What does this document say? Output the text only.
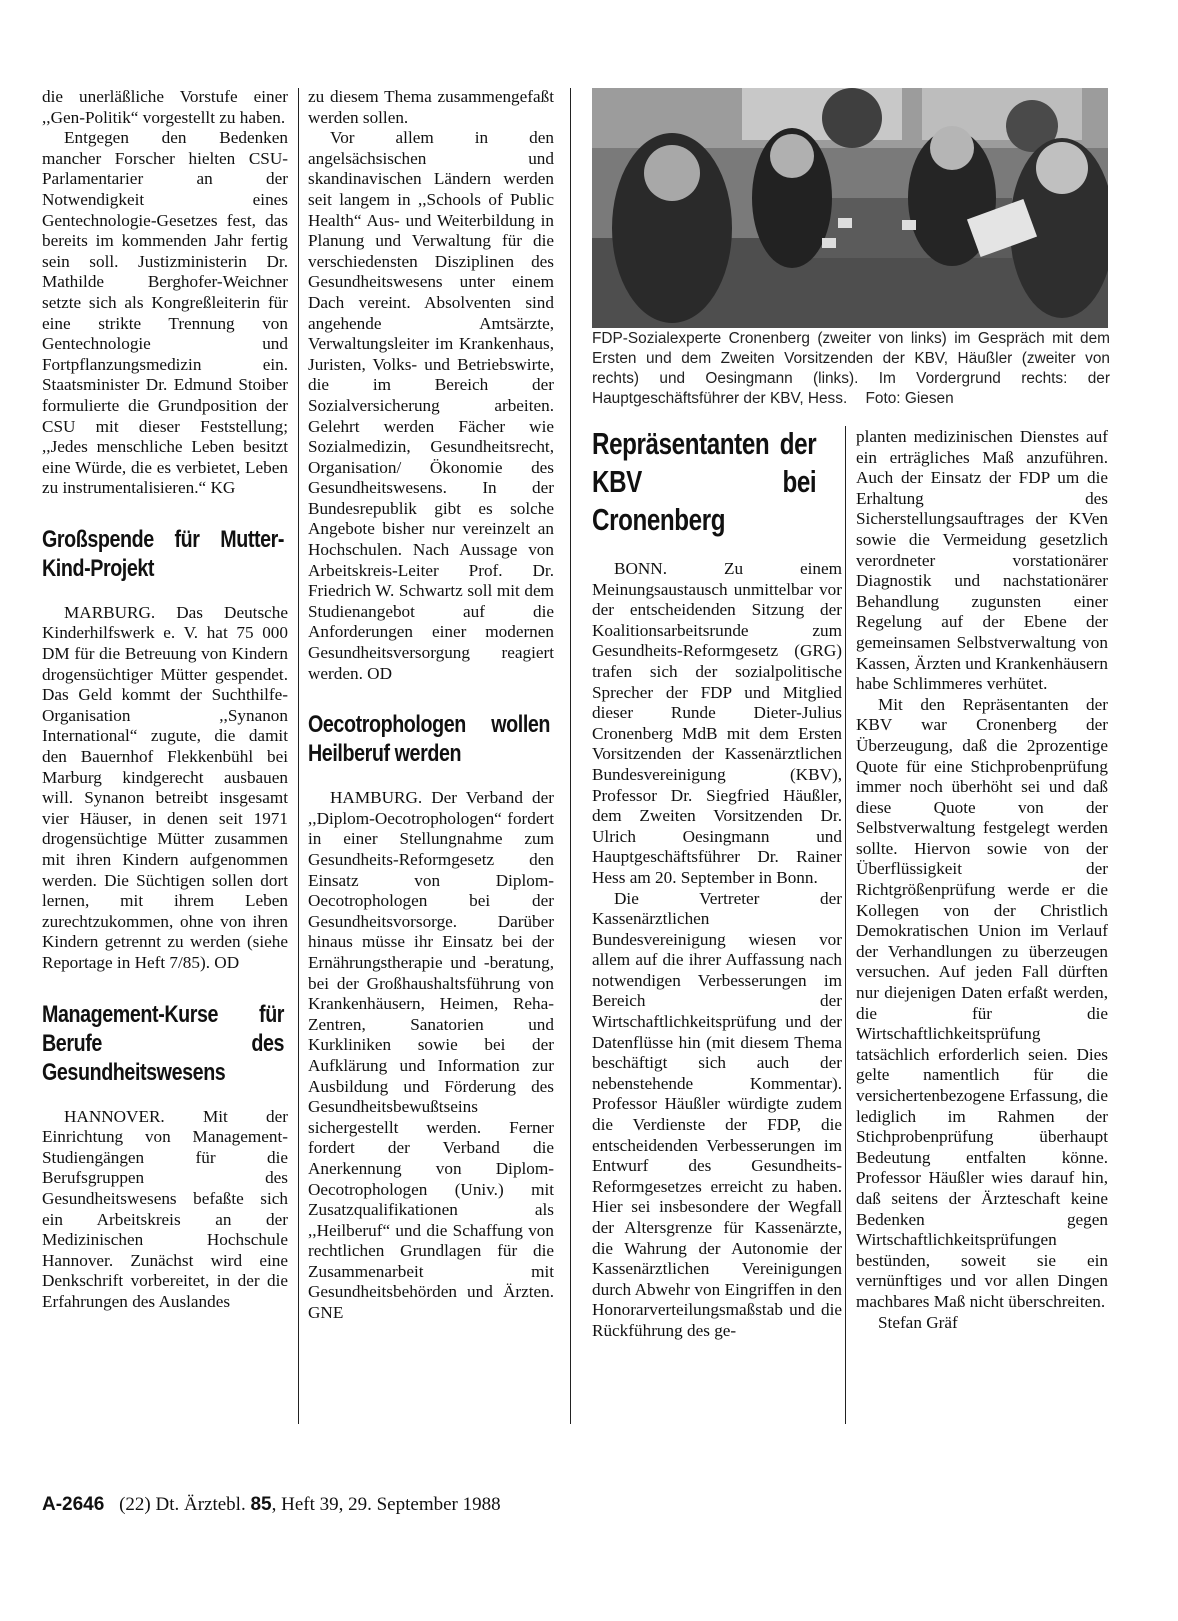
die unerläßliche Vorstufe einer ,,Gen-Politik“ vorgestellt zu haben.

Entgegen den Bedenken mancher Forscher hielten CSU-Parlamentarier an der Notwendigkeit eines Gentechnologie-Gesetzes fest, das bereits im kommenden Jahr fertig sein soll. Justizministerin Dr. Mathilde Berghofer-Weichner setzte sich als Kongreßleiterin für eine strikte Trennung von Gentechnologie und Fortpflanzungsmedizin ein. Staatsminister Dr. Edmund Stoiber formulierte die Grundposition der CSU mit dieser Feststellung; ,,Jedes menschliche Leben besitzt eine Würde, die es verbietet, Leben zu instrumentalisieren.“ KG

Großspende für Mutter-Kind-Projekt

MARBURG. Das Deutsche Kinderhilfswerk e. V. hat 75 000 DM für die Betreuung von Kindern drogensüchtiger Mütter gespendet. Das Geld kommt der Suchthilfe-Organisation ,,Synanon International“ zugute, die damit den Bauernhof Flekkenbühl bei Marburg kindgerecht ausbauen will. Synanon betreibt insgesamt vier Häuser, in denen seit 1971 drogensüchtige Mütter zusammen mit ihren Kindern aufgenommen werden. Die Süchtigen sollen dort lernen, mit ihrem Leben zurechtzukommen, ohne von ihren Kindern getrennt zu werden (siehe Reportage in Heft 7/85). OD

Management-Kurse für Berufe des Gesundheitswesens

HANNOVER. Mit der Einrichtung von Management-Studiengängen für die Berufsgruppen des Gesundheitswesens befaßte sich ein Arbeitskreis an der Medizinischen Hochschule Hannover. Zunächst wird eine Denkschrift vorbereitet, in der die Erfahrungen des Auslandes

zu diesem Thema zusammengefaßt werden sollen.

Vor allem in den angelsächsischen und skandinavischen Ländern werden seit langem in ,,Schools of Public Health“ Aus- und Weiterbildung in Planung und Verwaltung für die verschiedensten Disziplinen des Gesundheitswesens unter einem Dach vereint. Absolventen sind angehende Amtsärzte, Verwaltungsleiter im Krankenhaus, Juristen, Volks- und Betriebswirte, die im Bereich der Sozialversicherung arbeiten. Gelehrt werden Fächer wie Sozialmedizin, Gesundheitsrecht, Organisation/ Ökonomie des Gesundheitswesens. In der Bundesrepublik gibt es solche Angebote bisher nur vereinzelt an Hochschulen. Nach Aussage von Arbeitskreis-Leiter Prof. Dr. Friedrich W. Schwartz soll mit dem Studienangebot auf die Anforderungen einer modernen Gesundheitsversorgung reagiert werden. OD

Oecotrophologen wollen Heilberuf werden

HAMBURG. Der Verband der ,,Diplom-Oecotrophologen“ fordert in einer Stellungnahme zum Gesundheits-Reformgesetz den Einsatz von Diplom-Oecotrophologen bei der Gesundheitsvorsorge. Darüber hinaus müsse ihr Einsatz bei der Ernährungstherapie und -beratung, bei der Großhaushaltsführung von Krankenhäusern, Heimen, Reha-Zentren, Sanatorien und Kurkliniken sowie bei der Aufklärung und Information zur Ausbildung und Förderung des Gesundheitsbewußtseins sichergestellt werden. Ferner fordert der Verband die Anerkennung von Diplom-Oecotrophologen (Univ.) mit Zusatzqualifikationen als ,,Heilberuf“ und die Schaffung von rechtlichen Grundlagen für die Zusammenarbeit mit Gesundheitsbehörden und Ärzten. GNE

FDP-Sozialexperte Cronenberg (zweiter von links) im Gespräch mit dem Ersten und dem Zweiten Vorsitzenden der KBV, Häußler (zweiter von rechts) und Oesingmann (links). Im Vordergrund rechts: der Hauptgeschäftsführer der KBV, Hess. Foto: Giesen
Repräsentanten der KBV bei Cronenberg

BONN. Zu einem Meinungsaustausch unmittelbar vor der entscheidenden Sitzung der Koalitionsarbeitsrunde zum Gesundheits-Reformgesetz (GRG) trafen sich der sozialpolitische Sprecher der FDP und Mitglied dieser Runde Dieter-Julius Cronenberg MdB mit dem Ersten Vorsitzenden der Kassenärztlichen Bundesvereinigung (KBV), Professor Dr. Siegfried Häußler, dem Zweiten Vorsitzenden Dr. Ulrich Oesingmann und Hauptgeschäftsführer Dr. Rainer Hess am 20. September in Bonn.

Die Vertreter der Kassenärztlichen Bundesvereinigung wiesen vor allem auf die ihrer Auffassung nach notwendigen Verbesserungen im Bereich der Wirtschaftlichkeitsprüfung und der Datenflüsse hin (mit diesem Thema beschäftigt sich auch der nebenstehende Kommentar). Professor Häußler würdigte zudem die Verdienste der FDP, die entscheidenden Verbesserungen im Entwurf des Gesundheits-Reformgesetzes erreicht zu haben. Hier sei insbesondere der Wegfall der Altersgrenze für Kassenärzte, die Wahrung der Autonomie der Kassenärztlichen Vereinigungen durch Abwehr von Eingriffen in den Honorarverteilungsmaßstab und die Rückführung des ge-

planten medizinischen Dienstes auf ein erträgliches Maß anzuführen. Auch der Einsatz der FDP um die Erhaltung des Sicherstellungsauftrages der KVen sowie die Vermeidung gesetzlich verordneter vorstationärer Diagnostik und nachstationärer Behandlung zugunsten einer Regelung auf der Ebene der gemeinsamen Selbstverwaltung von Kassen, Ärzten und Krankenhäusern habe Schlimmeres verhütet.

Mit den Repräsentanten der KBV war Cronenberg der Überzeugung, daß die 2prozentige Quote für eine Stichprobenprüfung immer noch überhöht sei und daß diese Quote von der Selbstverwaltung festgelegt werden sollte. Hiervon sowie von der Überflüssigkeit der Richtgrößenprüfung werde er die Kollegen von der Christlich Demokratischen Union im Verlauf der Verhandlungen zu überzeugen versuchen. Auf jeden Fall dürften nur diejenigen Daten erfaßt werden, die für die Wirtschaftlichkeitsprüfung tatsächlich erforderlich seien. Dies gelte namentlich für die versichertenbezogene Erfassung, die lediglich im Rahmen der Stichprobenprüfung überhaupt Bedeutung entfalten könne. Professor Häußler wies darauf hin, daß seitens der Ärzteschaft keine Bedenken gegen Wirtschaftlichkeitsprüfungen bestünden, soweit sie ein vernünftiges und vor allen Dingen machbares Maß nicht überschreiten.

Stefan Gräf

A-2646 (22) Dt. Ärztebl. 85, Heft 39, 29. September 1988
